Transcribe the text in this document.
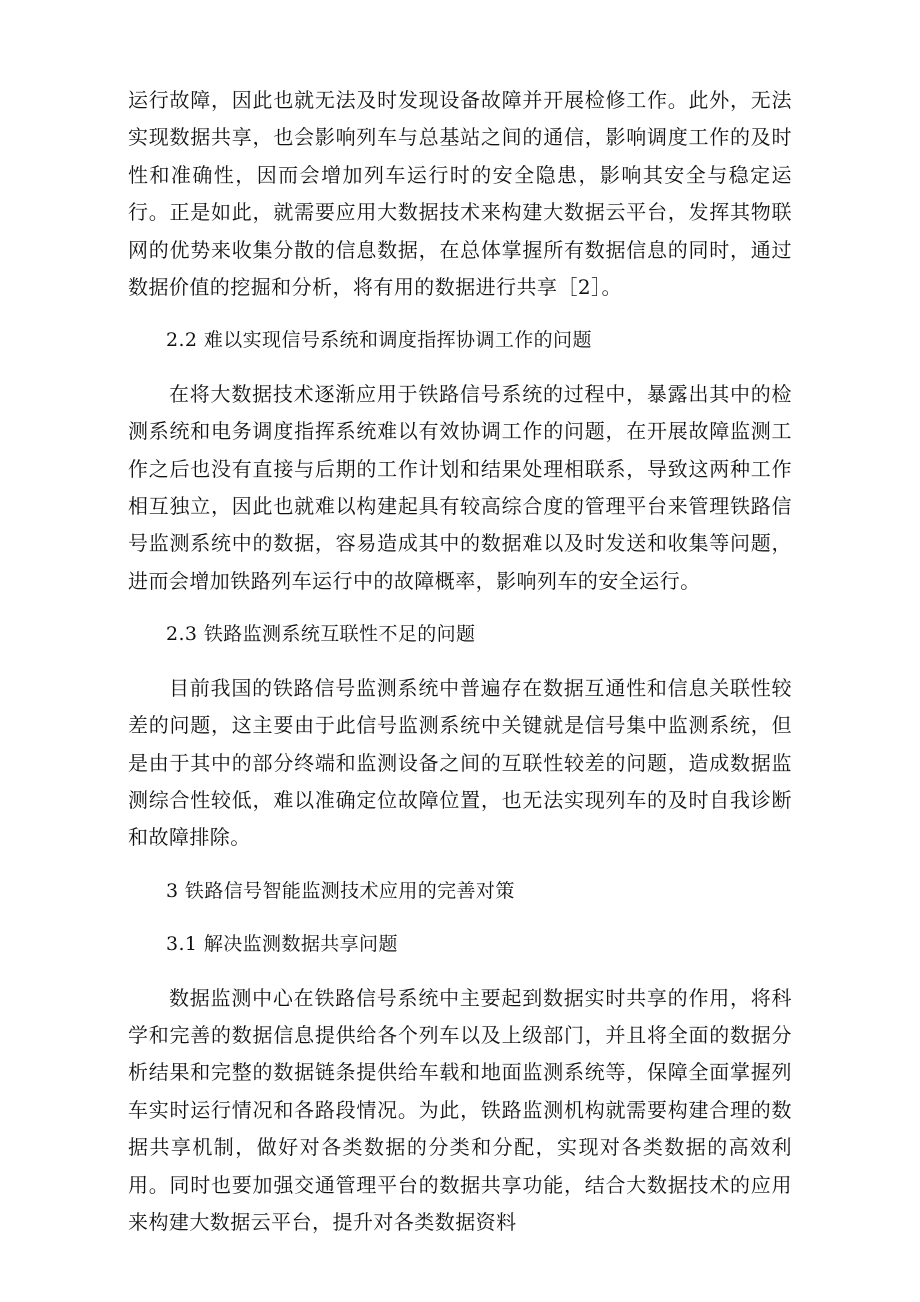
运行故障，因此也就无法及时发现设备故障并开展检修工作。此外，无法实现数据共享，也会影响列车与总基站之间的通信，影响调度工作的及时性和准确性，因而会增加列车运行时的安全隐患，影响其安全与稳定运行。正是如此，就需要应用大数据技术来构建大数据云平台，发挥其物联网的优势来收集分散的信息数据，在总体掌握所有数据信息的同时，通过数据价值的挖掘和分析，将有用的数据进行共享［2］。

2.2 难以实现信号系统和调度指挥协调工作的问题

在将大数据技术逐渐应用于铁路信号系统的过程中，暴露出其中的检测系统和电务调度指挥系统难以有效协调工作的问题，在开展故障监测工作之后也没有直接与后期的工作计划和结果处理相联系，导致这两种工作相互独立，因此也就难以构建起具有较高综合度的管理平台来管理铁路信号监测系统中的数据，容易造成其中的数据难以及时发送和收集等问题，进而会增加铁路列车运行中的故障概率，影响列车的安全运行。

2.3 铁路监测系统互联性不足的问题

目前我国的铁路信号监测系统中普遍存在数据互通性和信息关联性较差的问题，这主要由于此信号监测系统中关键就是信号集中监测系统，但是由于其中的部分终端和监测设备之间的互联性较差的问题，造成数据监测综合性较低，难以准确定位故障位置，也无法实现列车的及时自我诊断和故障排除。

3 铁路信号智能监测技术应用的完善对策

3.1 解决监测数据共享问题

数据监测中心在铁路信号系统中主要起到数据实时共享的作用，将科学和完善的数据信息提供给各个列车以及上级部门，并且将全面的数据分析结果和完整的数据链条提供给车载和地面监测系统等，保障全面掌握列车实时运行情况和各路段情况。为此，铁路监测机构就需要构建合理的数据共享机制，做好对各类数据的分类和分配，实现对各类数据的高效利用。同时也要加强交通管理平台的数据共享功能，结合大数据技术的应用来构建大数据云平台，提升对各类数据资料
